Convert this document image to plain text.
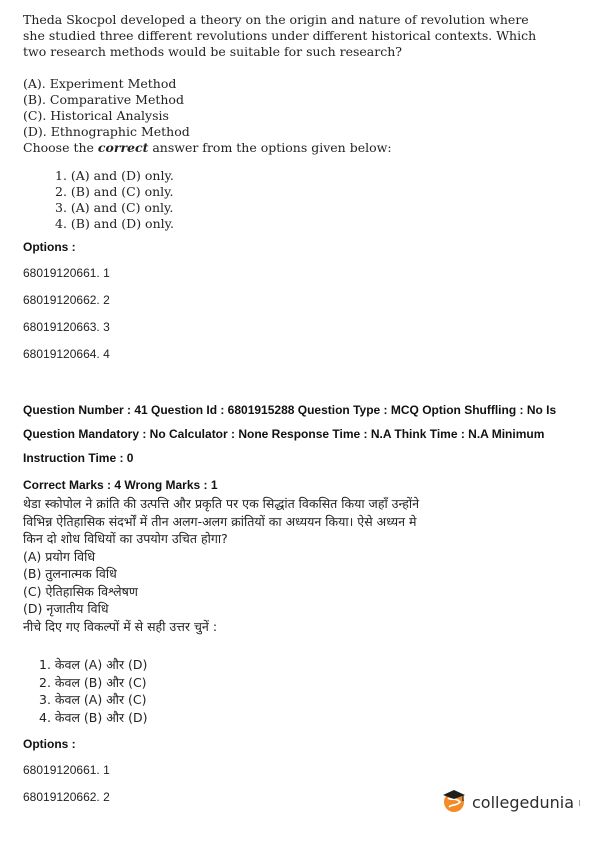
Theda Skocpol developed a theory on the origin and nature of revolution where
she studied three different revolutions under different historical contexts. Which
two research methods would be suitable for such research?
(A). Experiment Method
(B). Comparative Method
(C). Historical Analysis
(D). Ethnographic Method
Choose the correct answer from the options given below:
1. (A) and (D) only.
2. (B) and (C) only.
3. (A) and (C) only.
4. (B) and (D) only.
Options :
68019120661. 1
68019120662. 2
68019120663. 3
68019120664. 4
Question Number : 41 Question Id : 6801915288 Question Type : MCQ Option Shuffling : No Is
Question Mandatory : No Calculator : None Response Time : N.A Think Time : N.A Minimum
Instruction Time : 0
Correct Marks : 4 Wrong Marks : 1
थेडा स्कोपोल ने क्रांति की उत्पत्ति और प्रकृति पर एक सिद्धांत विकसित किया जहाँ उन्होंने
विभिन्न ऐतिहासिक संदर्भों में तीन अलग-अलग क्रांतियों का अध्ययन किया। ऐसे अध्यन मे
किन दो शोध विधियों का उपयोग उचित होगा?
(A) प्रयोग विधि
(B) तुलनात्मक विधि
(C) ऐतिहासिक विश्लेषण
(D) नृजातीय विधि
नीचे दिए गए विकल्पों में से सही उत्तर चुनें :
1. केवल (A) और (D)
2. केवल (B) और (C)
3. केवल (A) और (C)
4. केवल (B) और (D)
Options :
68019120661. 1
68019120662. 2	collegedunia ı
